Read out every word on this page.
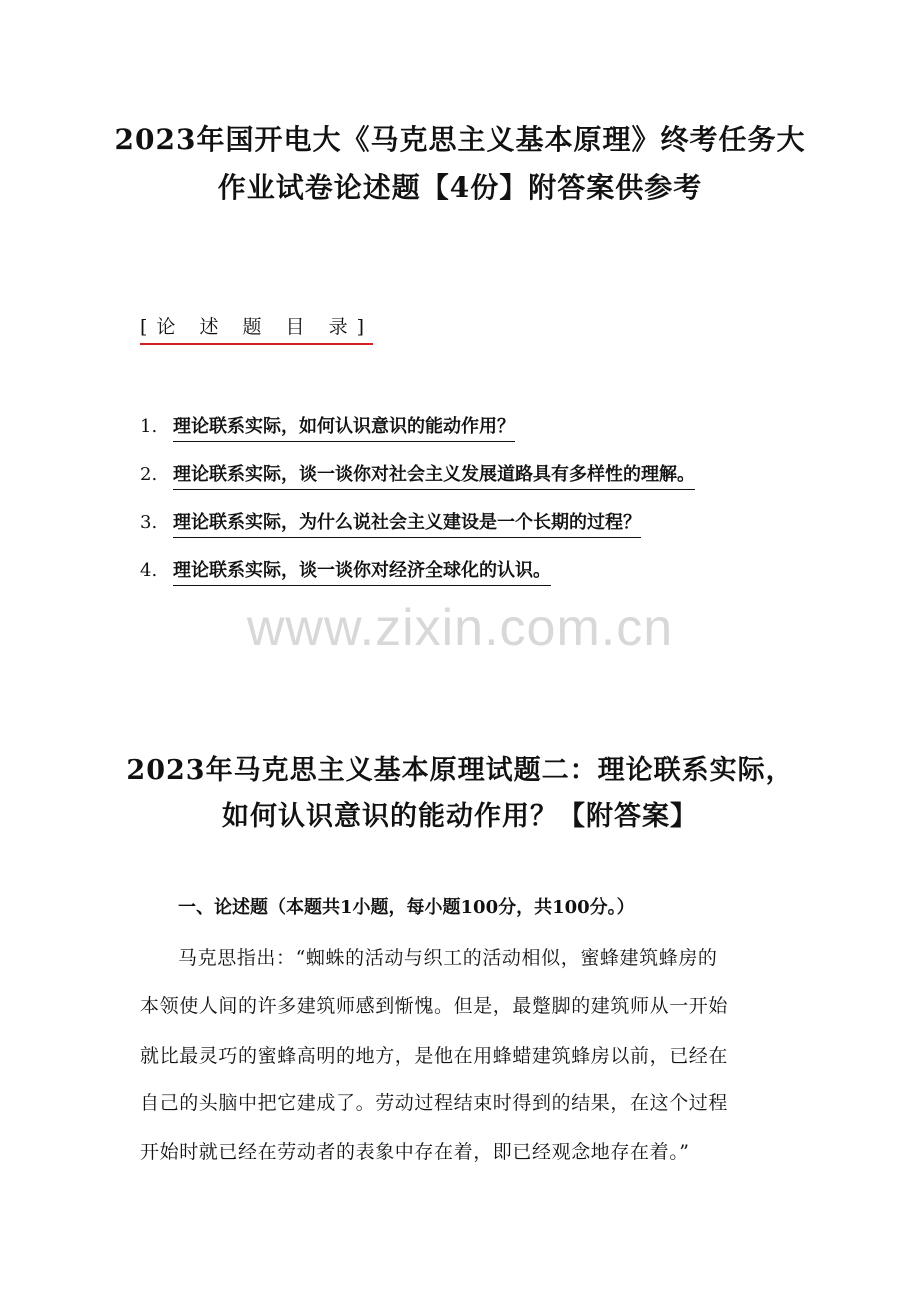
2023年国开电大《马克思主义基本原理》终考任务大
作业试卷论述题【4份】附答案供参考
[论 述 题 目 录]
1. 理论联系实际，如何认识意识的能动作用？
2. 理论联系实际，谈一谈你对社会主义发展道路具有多样性的理解。
3. 理论联系实际，为什么说社会主义建设是一个长期的过程？
4. 理论联系实际，谈一谈你对经济全球化的认识。
www.zixin.com.cn
2023年马克思主义基本原理试题二：理论联系实际，
如何认识意识的能动作用？【附答案】
一、论述题（本题共1小题，每小题100分，共100分。）
马克思指出：“蜘蛛的活动与织工的活动相似，蜜蜂建筑蜂房的
本领使人间的许多建筑师感到惭愧。但是，最蹩脚的建筑师从一开始
就比最灵巧的蜜蜂高明的地方，是他在用蜂蜡建筑蜂房以前，已经在
自己的头脑中把它建成了。劳动过程结束时得到的结果，在这个过程
开始时就已经在劳动者的表象中存在着，即已经观念地存在着。”
